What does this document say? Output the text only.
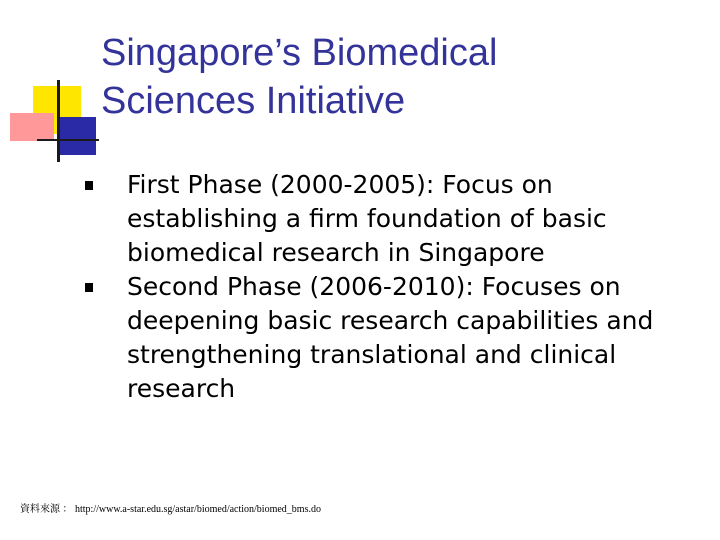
Singapore’s Biomedical
Sciences Initiative
First Phase (2000-2005): Focus on establishing a firm foundation of basic biomedical research in Singapore
Second Phase (2006-2010): Focuses on deepening basic research capabilities and strengthening translational and clinical research
資料來源 ： http://www.a-star.edu.sg/astar/biomed/action/biomed_bms.do
